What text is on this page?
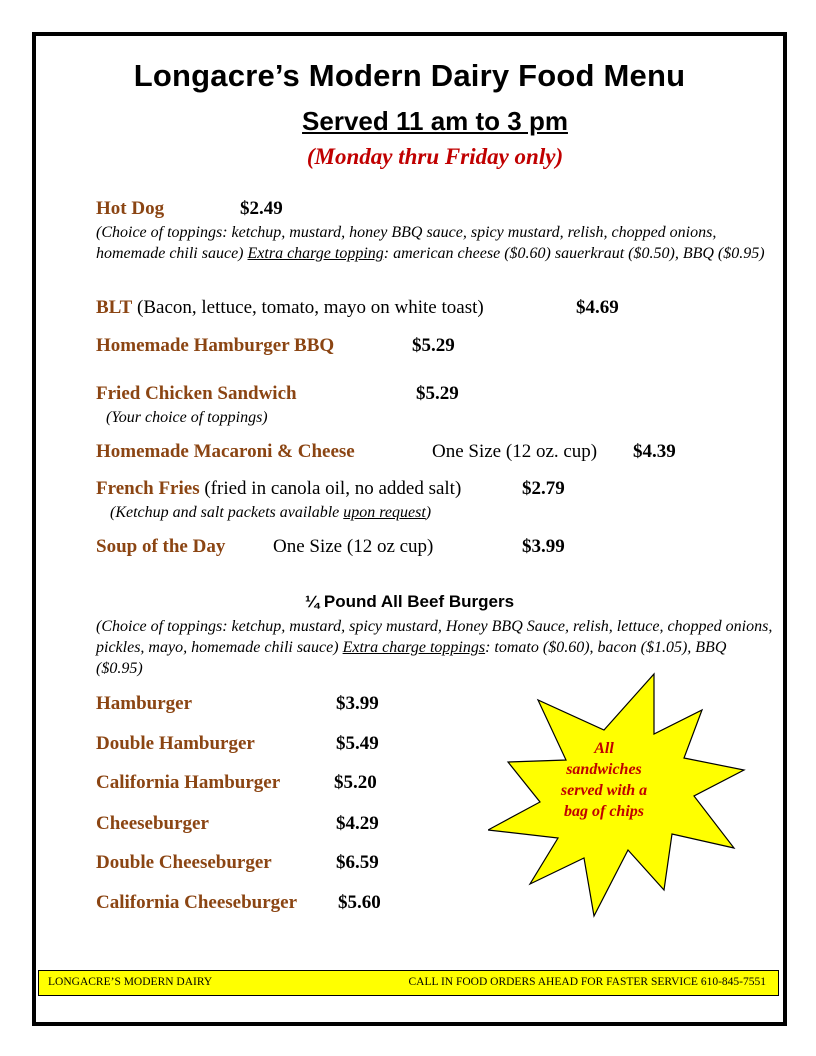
Longacre’s Modern Dairy Food Menu
Served 11 am to 3 pm
(Monday thru Friday only)
Hot Dog	$2.49
(Choice of toppings: ketchup, mustard, honey BBQ sauce, spicy mustard, relish, chopped onions, homemade chili sauce) Extra charge topping: american cheese ($0.60) sauerkraut ($0.50), BBQ ($0.95)
BLT (Bacon, lettuce, tomato, mayo on white toast)	$4.69
Homemade Hamburger BBQ	$5.29
Fried Chicken Sandwich	$5.29
(Your choice of toppings)
Homemade Macaroni & Cheese	One Size (12 oz. cup) $4.39
French Fries (fried in canola oil, no added salt)	$2.79
(Ketchup and salt packets available upon request)
Soup of the Day	One Size (12 oz cup)	$3.99
¼ Pound All Beef Burgers
(Choice of toppings: ketchup, mustard, spicy mustard, Honey BBQ Sauce, relish, lettuce, chopped onions, pickles, mayo, homemade chili sauce) Extra charge toppings: tomato ($0.60), bacon ($1.05), BBQ ($0.95)
Hamburger	$3.99
Double Hamburger	$5.49
California Hamburger	$5.20
Cheeseburger	$4.29
Double Cheeseburger	$6.59
California Cheeseburger $5.60
All
sandwiches
served with a
bag of chips
LONGACRE’S MODERN DAIRY	CALL IN FOOD ORDERS AHEAD FOR FASTER SERVICE 610-845-7551
